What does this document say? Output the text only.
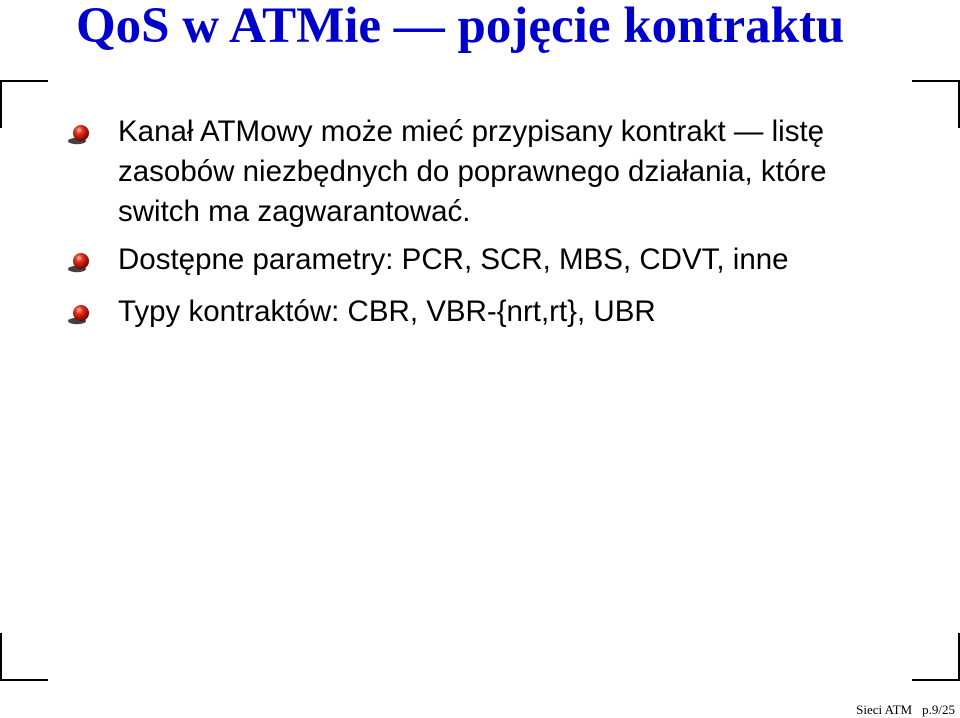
QoS w ATMie — pojęcie kontraktu
Kanał ATMowy może mieć przypisany kontrakt — listę
zasobów niezbędnych do poprawnego działania, które
switch ma zagwarantować.
Dostępne parametry: PCR, SCR, MBS, CDVT, inne
Typy kontraktów: CBR, VBR-{nrt,rt}, UBR
Sieci ATM p.9/25
